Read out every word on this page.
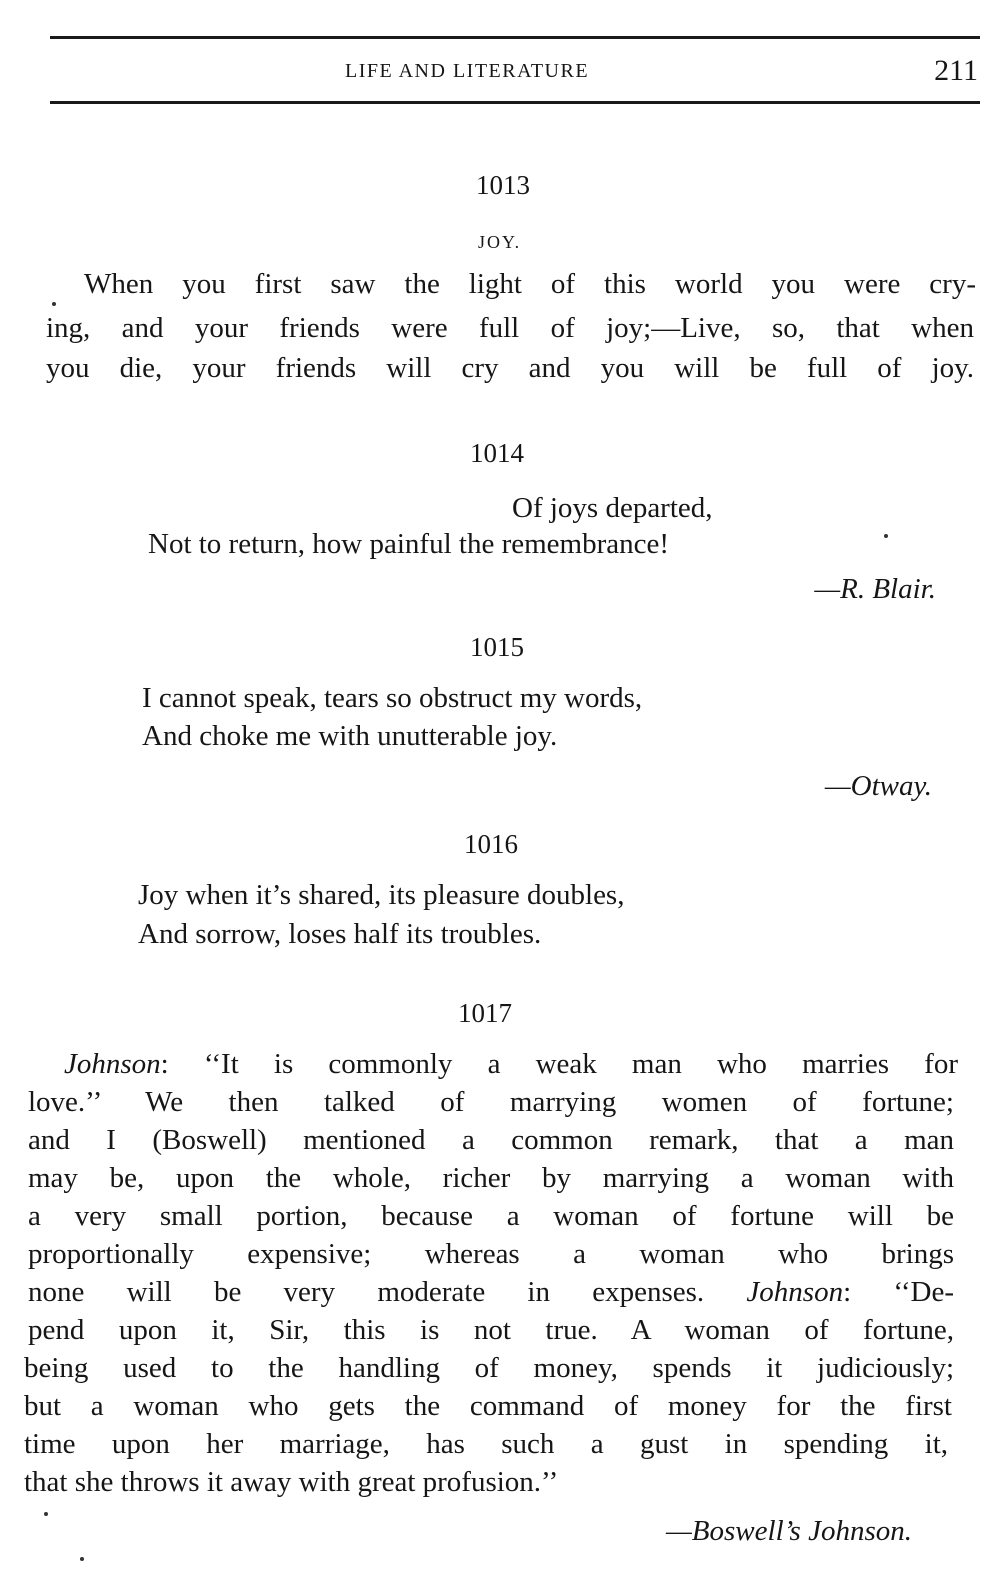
LIFE AND LITERATURE	211
1013
JOY.
When you first saw the light of this world you were cry-
ing, and your friends were full of joy;—Live, so, that when
you die, your friends will cry and you will be full of joy.
1014
Of joys departed,
Not to return, how painful the remembrance!
—R. Blair.
1015
I cannot speak, tears so obstruct my words,
And choke me with unutterable joy.
—Otway.
1016
Joy when it’s shared, its pleasure doubles,
And sorrow, loses half its troubles.
1017
Johnson: ‘‘It is commonly a weak man who marries for
love.’’ We then talked of marrying women of fortune;
and I (Boswell) mentioned a common remark, that a man
may be, upon the whole, richer by marrying a woman with
a very small portion, because a woman of fortune will be
proportionally expensive; whereas a woman who brings
none will be very moderate in expenses. Johnson: ‘‘De-
pend upon it, Sir, this is not true. A woman of fortune,
being used to the handling of money, spends it judiciously;
but a woman who gets the command of money for the first
time upon her marriage, has such a gust in spending it,
that she throws it away with great profusion.’’
—Boswell’s Johnson.
